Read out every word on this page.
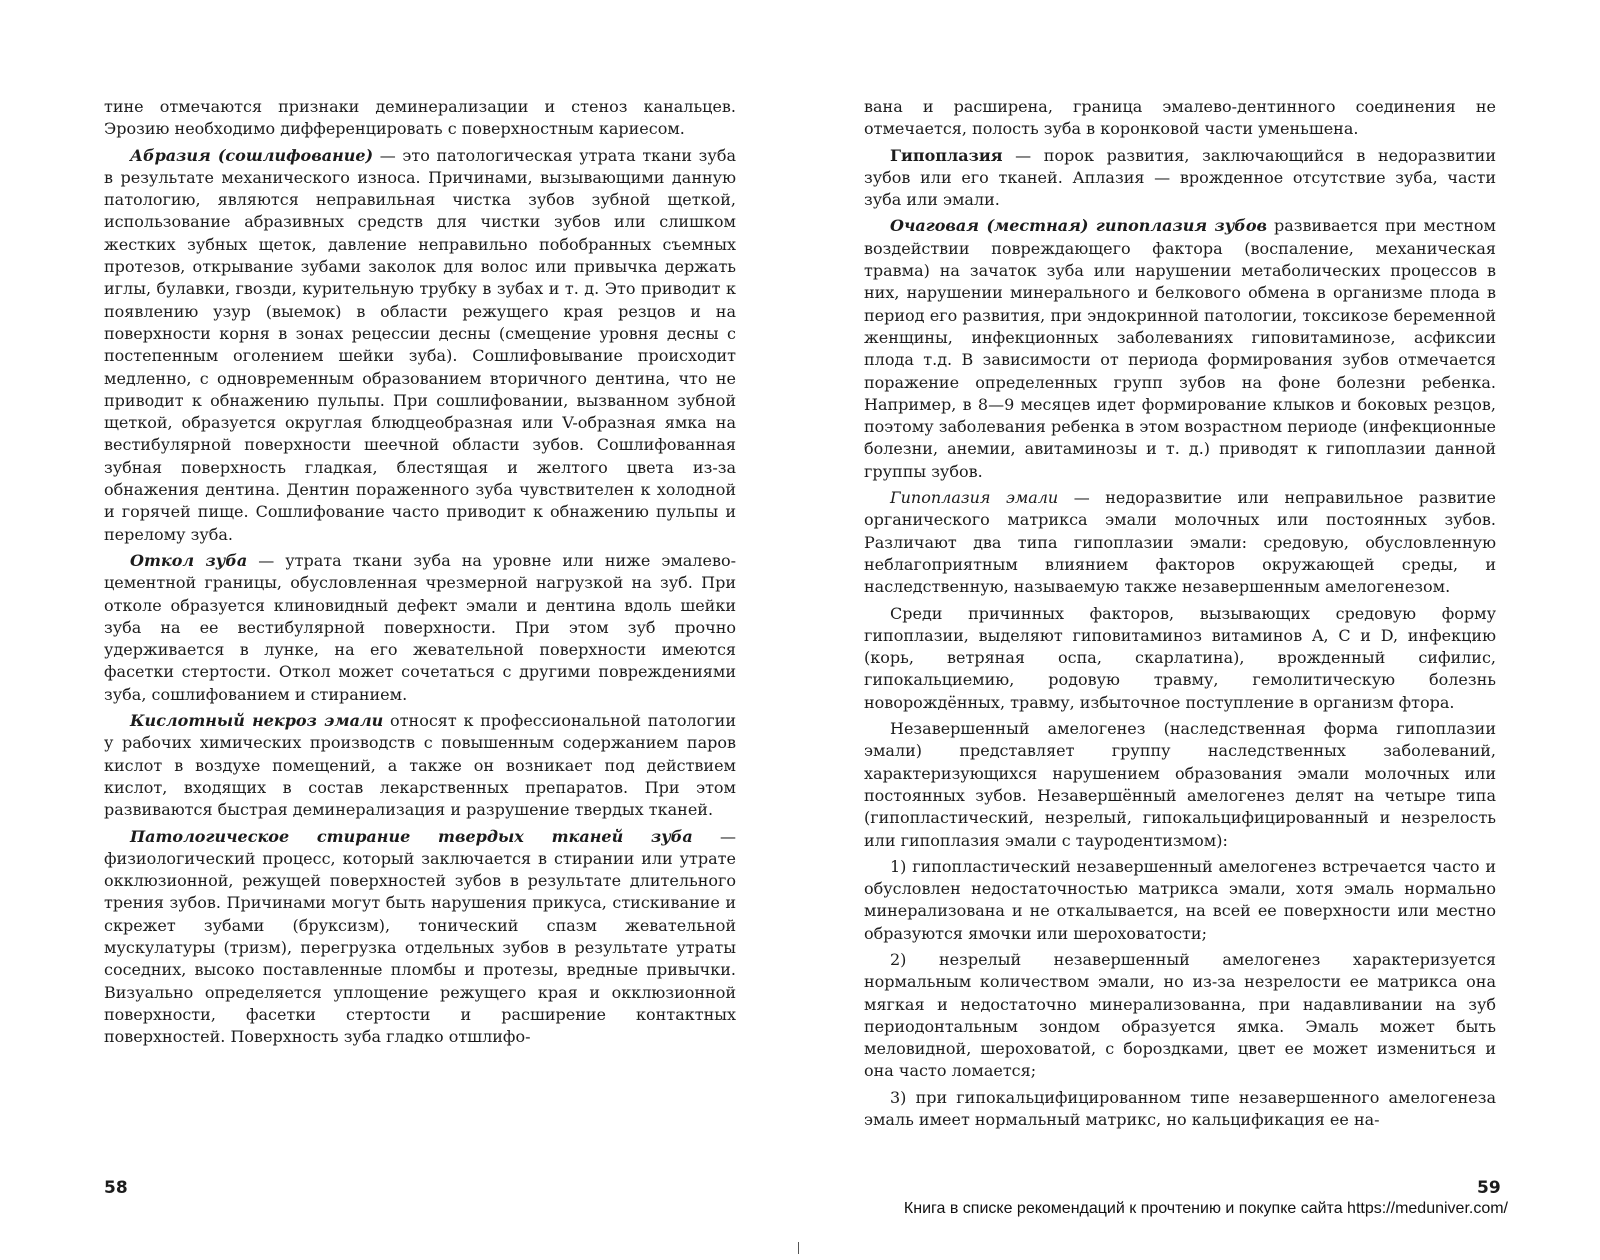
тине отмечаются признаки деминерализации и стеноз канальцев. Эрозию необходимо дифференцировать с поверхностным кариесом.

Абразия (сошлифование) — это патологическая утрата ткани зуба в результате механического износа. Причинами, вызывающими данную патологию, являются неправильная чистка зубов зубной щеткой, использование абразивных средств для чистки зубов или слишком жестких зубных щеток, давление неправильно побобранных съемных протезов, открывание зубами заколок для волос или привычка держать иглы, булавки, гвозди, курительную трубку в зубах и т. д. Это приводит к появлению узур (выемок) в области режущего края резцов и на поверхности корня в зонах рецессии десны (смещение уровня десны с постепенным оголением шейки зуба). Сошлифовывание происходит медленно, с одновременным образованием вторичного дентина, что не приводит к обнажению пульпы. При сошлифовании, вызванном зубной щеткой, образуется округлая блюдцеобразная или V-образная ямка на вестибулярной поверхности шеечной области зубов. Сошлифованная зубная поверхность гладкая, блестящая и желтого цвета из-за обнажения дентина. Дентин пораженного зуба чувствителен к холодной и горячей пище. Сошлифование часто приводит к обнажению пульпы и перелому зуба.

Откол зуба — утрата ткани зуба на уровне или ниже эмалево-цементной границы, обусловленная чрезмерной нагрузкой на зуб. При отколе образуется клиновидный дефект эмали и дентина вдоль шейки зуба на ее вестибулярной поверхности. При этом зуб прочно удерживается в лунке, на его жевательной поверхности имеются фасетки стертости. Откол может сочетаться с другими повреждениями зуба, сошлифованием и стиранием.

Кислотный некроз эмали относят к профессиональной патологии у рабочих химических производств с повышенным содержанием паров кислот в воздухе помещений, а также он возникает под действием кислот, входящих в состав лекарственных препаратов. При этом развиваются быстрая деминерализация и разрушение твердых тканей.

Патологическое стирание твердых тканей зуба — физиологический процесс, который заключается в стирании или утрате окклюзионной, режущей поверхностей зубов в результате длительного трения зубов. Причинами могут быть нарушения прикуса, стискивание и скрежет зубами (бруксизм), тонический спазм жевательной мускулатуры (тризм), перегрузка отдельных зубов в результате утраты соседних, высоко поставленные пломбы и протезы, вредные привычки. Визуально определяется уплощение режущего края и окклюзионной поверхности, фасетки стертости и расширение контактных поверхностей. Поверхность зуба гладко отшлифо-

58

вана и расширена, граница эмалево-дентинного соединения не отмечается, полость зуба в коронковой части уменьшена.

Гипоплазия — порок развития, заключающийся в недоразвитии зубов или его тканей. Аплазия — врожденное отсутствие зуба, части зуба или эмали.

Очаговая (местная) гипоплазия зубов развивается при местном воздействии повреждающего фактора (воспаление, механическая травма) на зачаток зуба или нарушении метаболических процессов в них, нарушении минерального и белкового обмена в организме плода в период его развития, при эндокринной патологии, токсикозе беременной женщины, инфекционных заболеваниях гиповитаминозе, асфиксии плода т.д. В зависимости от периода формирования зубов отмечается поражение определенных групп зубов на фоне болезни ребенка. Например, в 8—9 месяцев идет формирование клыков и боковых резцов, поэтому заболевания ребенка в этом возрастном периоде (инфекционные болезни, анемии, авитаминозы и т. д.) приводят к гипоплазии данной группы зубов.

Гипоплазия эмали — недоразвитие или неправильное развитие органического матрикса эмали молочных или постоянных зубов. Различают два типа гипоплазии эмали: средовую, обусловленную неблагоприятным влиянием факторов окружающей среды, и наследственную, называемую также незавершенным амелогенезом.

Среди причинных факторов, вызывающих средовую форму гипоплазии, выделяют гиповитаминоз витаминов A, C и D, инфекцию (корь, ветряная оспа, скарлатина), врожденный сифилис, гипокальциемию, родовую травму, гемолитическую болезнь новорождённых, травму, избыточное поступление в организм фтора.

Незавершенный амелогенез (наследственная форма гипоплазии эмали) представляет группу наследственных заболеваний, характеризующихся нарушением образования эмали молочных или постоянных зубов. Незавершённый амелогенез делят на четыре типа (гипопластический, незрелый, гипокальцифицированный и незрелость или гипоплазия эмали с тауродентизмом):

1) гипопластический незавершенный амелогенез встречается часто и обусловлен недостаточностью матрикса эмали, хотя эмаль нормально минерализована и не откалывается, на всей ее поверхности или местно образуются ямочки или шероховатости;

2) незрелый незавершенный амелогенез характеризуется нормальным количеством эмали, но из-за незрелости ее матрикса она мягкая и недостаточно минерализованна, при надавливании на зуб периодонтальным зондом образуется ямка. Эмаль может быть меловидной, шероховатой, с бороздками, цвет ее может измениться и она часто ломается;

3) при гипокальцифицированном типе незавершенного амелогенеза эмаль имеет нормальный матрикс, но кальцификация ее на-

59
Книга в списке рекомендаций к прочтению и покупке сайта https://meduniver.com/
